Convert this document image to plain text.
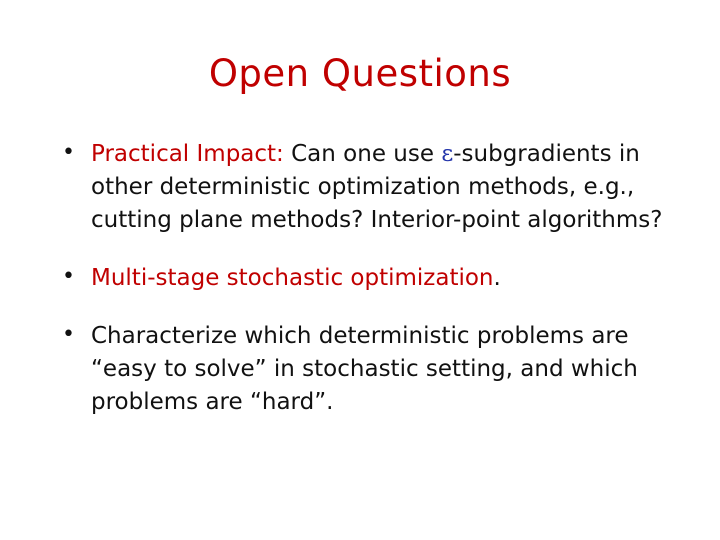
Open Questions
• Practical Impact: Can one use ε-subgradients in other deterministic optimization methods, e.g., cutting plane methods? Interior-point algorithms?
• Multi-stage stochastic optimization.
• Characterize which deterministic problems are “easy to solve” in stochastic setting, and which problems are “hard”.
